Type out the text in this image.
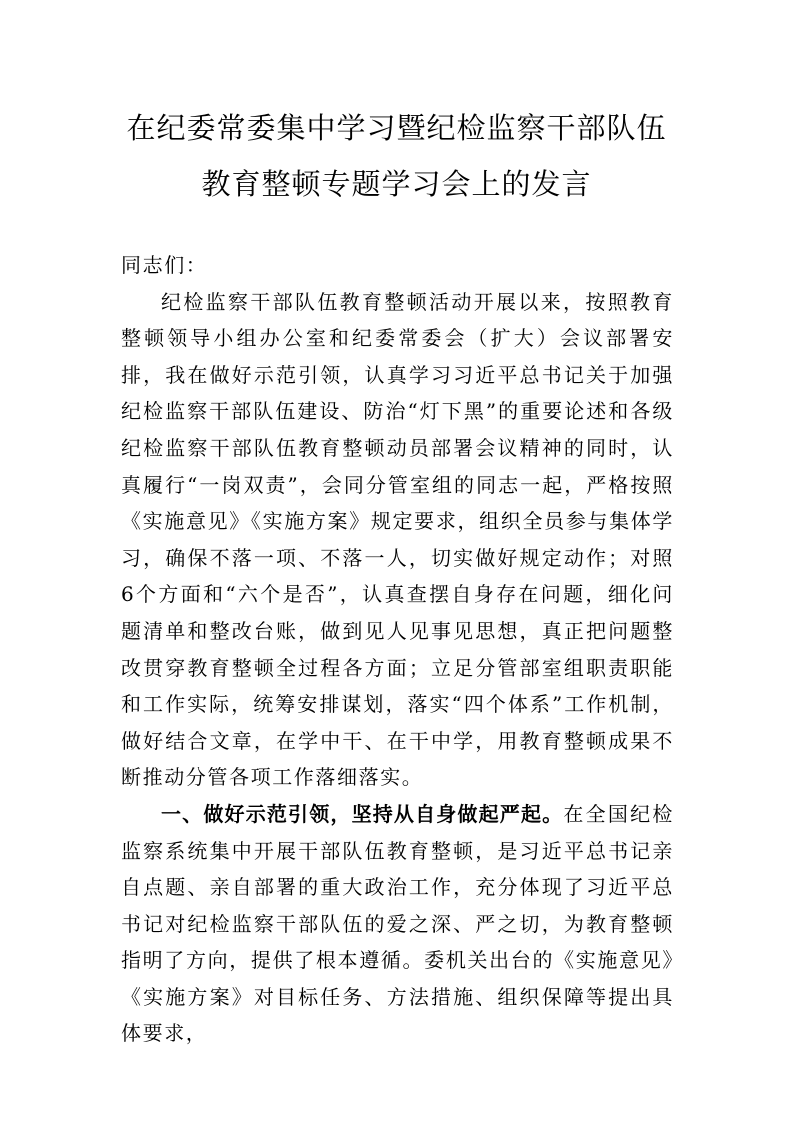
在纪委常委集中学习暨纪检监察干部队伍
教育整顿专题学习会上的发言

同志们：

纪检监察干部队伍教育整顿活动开展以来，按照教育整顿领导小组办公室和纪委常委会（扩大）会议部署安排，我在做好示范引领，认真学习习近平总书记关于加强纪检监察干部队伍建设、防治“灯下黑”的重要论述和各级纪检监察干部队伍教育整顿动员部署会议精神的同时，认真履行“一岗双责”，会同分管室组的同志一起，严格按照《实施意见》《实施方案》规定要求，组织全员参与集体学习，确保不落一项、不落一人，切实做好规定动作；对照6个方面和“六个是否”，认真查摆自身存在问题，细化问题清单和整改台账，做到见人见事见思想，真正把问题整改贯穿教育整顿全过程各方面；立足分管部室组职责职能和工作实际，统筹安排谋划，落实“四个体系”工作机制，做好结合文章，在学中干、在干中学，用教育整顿成果不断推动分管各项工作落细落实。

一、做好示范引领，坚持从自身做起严起。在全国纪检监察系统集中开展干部队伍教育整顿，是习近平总书记亲自点题、亲自部署的重大政治工作，充分体现了习近平总书记对纪检监察干部队伍的爱之深、严之切，为教育整顿指明了方向，提供了根本遵循。委机关出台的《实施意见》《实施方案》对目标任务、方法措施、组织保障等提出具体要求，
